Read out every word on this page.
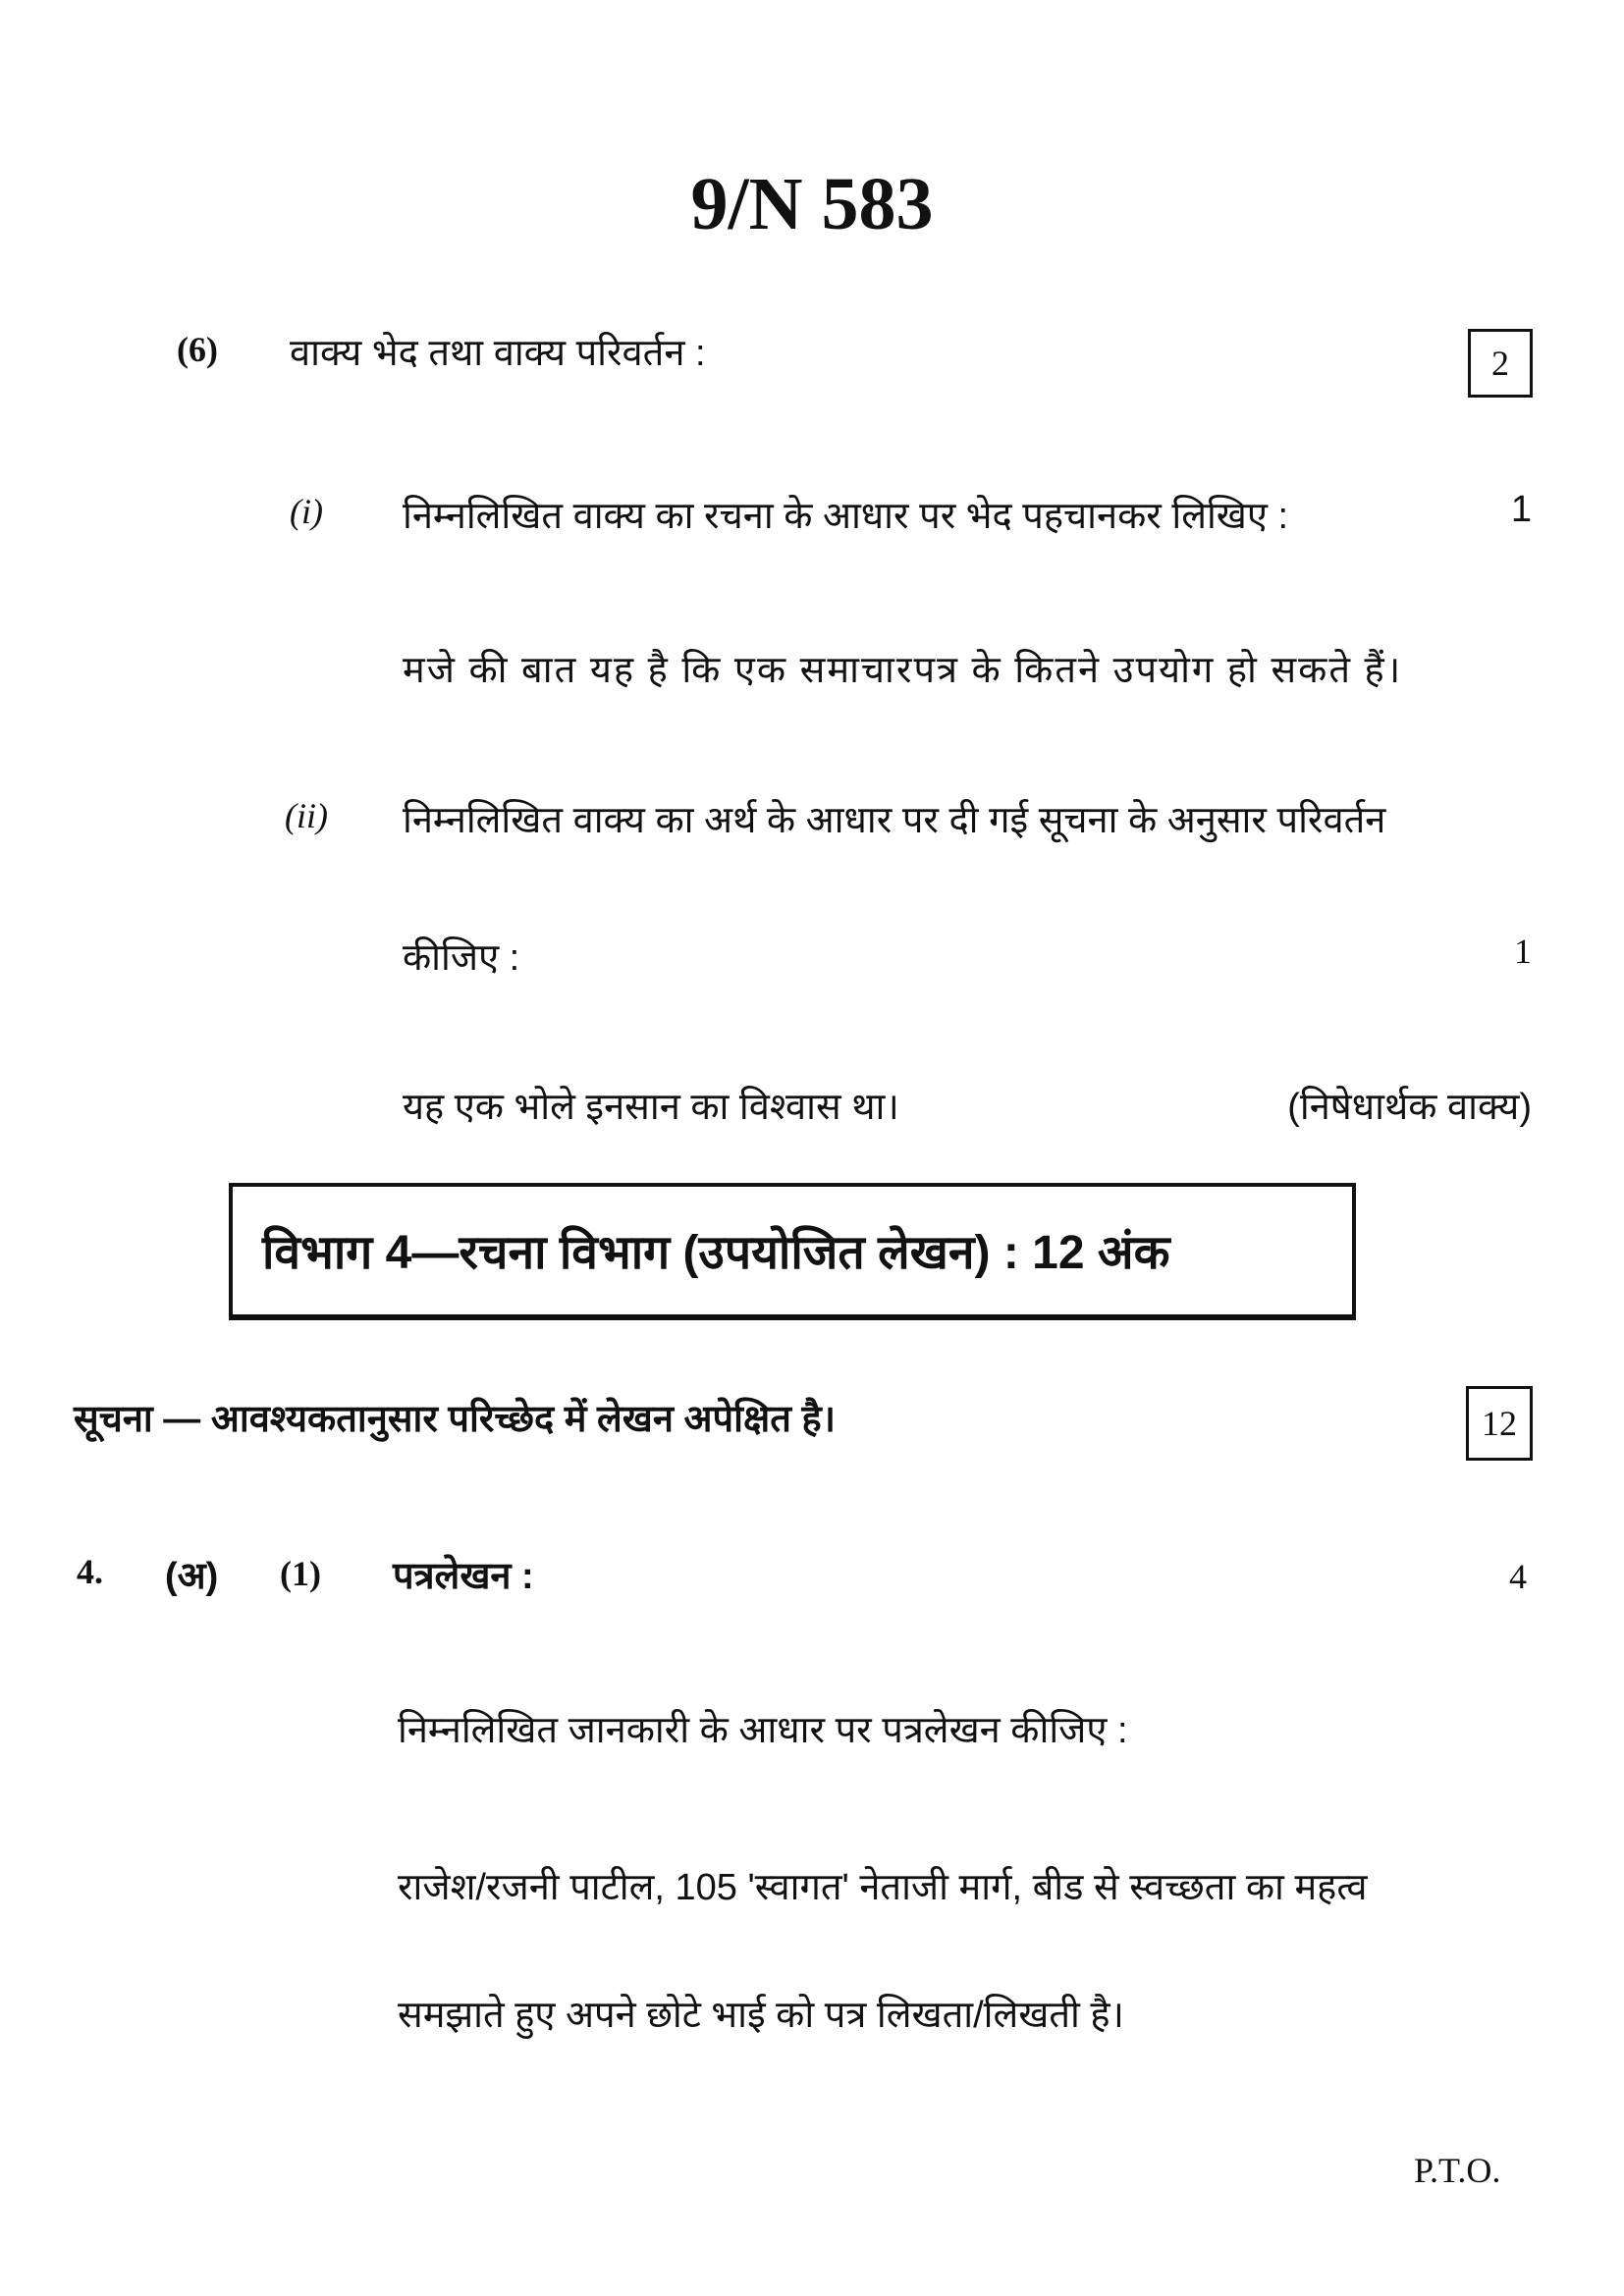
9/N 583
(6) वाक्य भेद तथा वाक्य परिवर्तन :	2
(i) निम्नलिखित वाक्य का रचना के आधार पर भेद पहचानकर लिखिए :	1
मजे की बात यह है कि एक समाचारपत्र के कितने उपयोग हो सकते हैं।
(ii) निम्नलिखित वाक्य का अर्थ के आधार पर दी गई सूचना के अनुसार परिवर्तन
कीजिए :	1
यह एक भोले इनसान का विश्वास था।	(निषेधार्थक वाक्य)
विभाग 4—रचना विभाग (उपयोजित लेखन) : 12 अंक
सूचना — आवश्यकतानुसार परिच्छेद में लेखन अपेक्षित है।	12
4. (अ) (1) पत्रलेखन :	4
निम्नलिखित जानकारी के आधार पर पत्रलेखन कीजिए :
राजेश/रजनी पाटील, 105 'स्वागत' नेताजी मार्ग, बीड से स्वच्छता का महत्व
समझाते हुए अपने छोटे भाई को पत्र लिखता/लिखती है।
P.T.O.
